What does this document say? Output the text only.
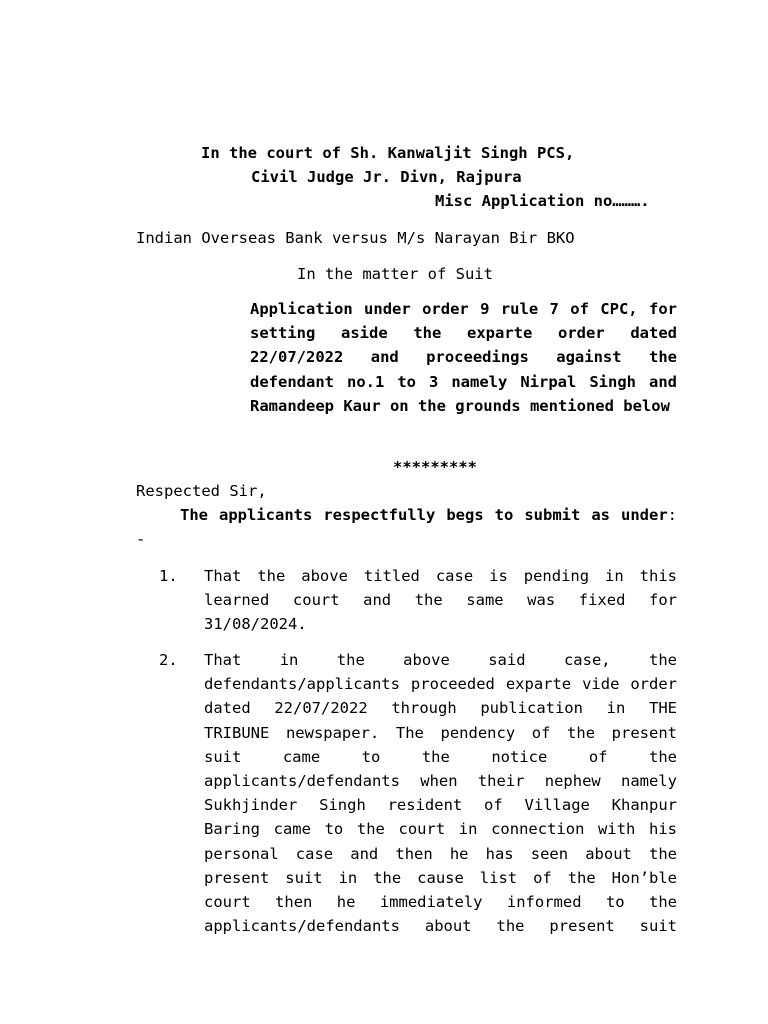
In the court of Sh. Kanwaljit Singh PCS,
Civil Judge Jr. Divn, Rajpura
Misc Application no……….
Indian Overseas Bank versus M/s Narayan Bir BKO
In the matter of Suit
Application under order 9 rule 7 of CPC, for setting aside the exparte order dated 22/07/2022 and proceedings against the defendant no.1 to 3 namely Nirpal Singh and Ramandeep Kaur on the grounds mentioned below
*********
Respected Sir,
The applicants respectfully begs to submit as under: -
1. That the above titled case is pending in this learned court and the same was fixed for 31/08/2024.
2. That in the above said case, the defendants/applicants proceeded exparte vide order dated 22/07/2022 through publication in THE TRIBUNE newspaper. The pendency of the present suit came to the notice of the applicants/defendants when their nephew namely Sukhjinder Singh resident of Village Khanpur Baring came to the court in connection with his personal case and then he has seen about the present suit in the cause list of the Hon’ble court then he immediately informed to the applicants/defendants about the present suit
